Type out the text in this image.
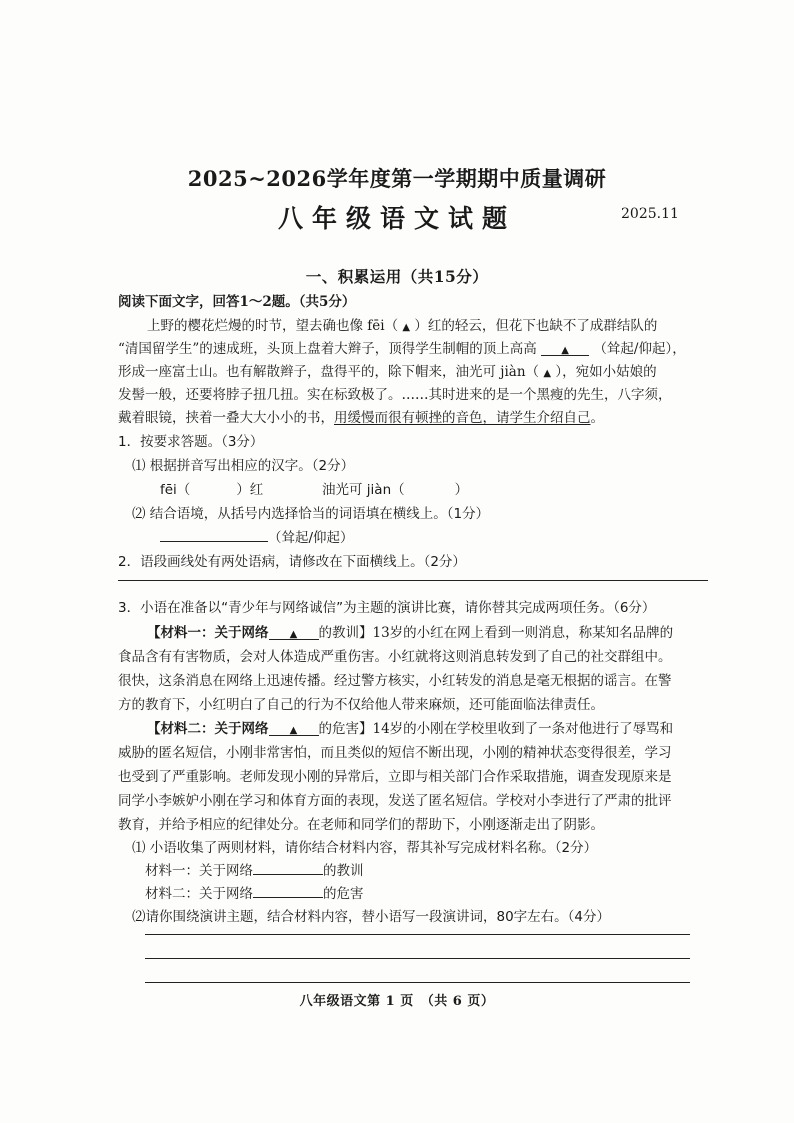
2025~2026学年度第一学期期中质量调研
八年级语文试题	2025.11
一、积累运用（共15分）
阅读下面文字，回答1～2题。（共5分）
上野的樱花烂熳的时节，望去确也像 fēi（ ▲ ）红的轻云，但花下也缺不了成群结队的
“清国留学生”的速成班，头顶上盘着大辫子，顶得学生制帽的顶上高高 ▲ （耸起/仰起），
形成一座富士山。也有解散辫子，盘得平的，除下帽来，油光可 jiàn（ ▲ ），宛如小姑娘的
发髻一般，还要将脖子扭几扭。实在标致极了。……其时进来的是一个黑瘦的先生，八字须，
戴着眼镜，挟着一叠大大小小的书，用缓慢而很有顿挫的音色，请学生介绍自己。
1．按要求答题。（3分）
⑴ 根据拼音写出相应的汉字。（2分）
fēi（	）红	油光可 jiàn（	）
⑵ 结合语境，从括号内选择恰当的词语填在横线上。（1分）
（耸起/仰起）
2．语段画线处有两处语病，请修改在下面横线上。（2分）
3．小语在准备以“青少年与网络诚信”为主题的演讲比赛，请你替其完成两项任务。（6分）
【材料一：关于网络 ▲ 的教训】13岁的小红在网上看到一则消息，称某知名品牌的
食品含有有害物质，会对人体造成严重伤害。小红就将这则消息转发到了自己的社交群组中。
很快，这条消息在网络上迅速传播。经过警方核实，小红转发的消息是毫无根据的谣言。在警
方的教育下，小红明白了自己的行为不仅给他人带来麻烦，还可能面临法律责任。
【材料二：关于网络 ▲ 的危害】14岁的小刚在学校里收到了一条对他进行了辱骂和
威胁的匿名短信，小刚非常害怕，而且类似的短信不断出现，小刚的精神状态变得很差，学习
也受到了严重影响。老师发现小刚的异常后，立即与相关部门合作采取措施，调查发现原来是
同学小李嫉妒小刚在学习和体育方面的表现，发送了匿名短信。学校对小李进行了严肃的批评
教育，并给予相应的纪律处分。在老师和同学们的帮助下，小刚逐渐走出了阴影。
⑴ 小语收集了两则材料，请你结合材料内容，帮其补写完成材料名称。（2分）
材料一：关于网络	的教训
材料二：关于网络	的危害
⑵请你围绕演讲主题，结合材料内容，替小语写一段演讲词，80字左右。（4分）
八年级语文第 1 页　（共 6 页）
